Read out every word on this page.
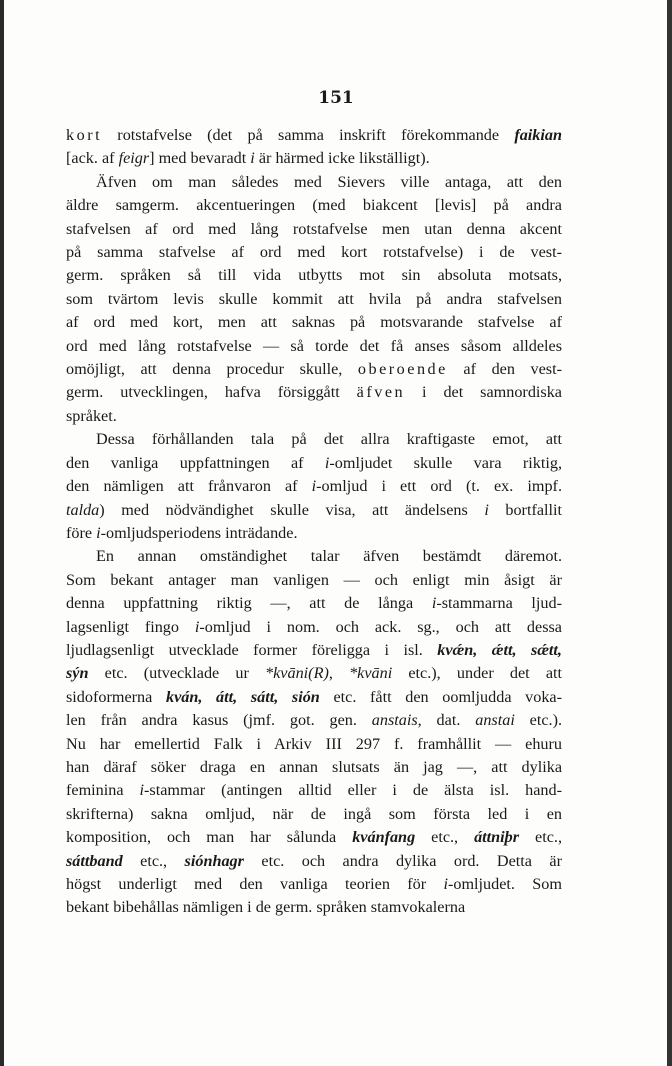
151
kort rotstafvelse (det på samma inskrift förekommande faikian
[ack. af feigr] med bevaradt i är härmed icke likställigt).
Äfven om man således med Sievers ville antaga, att den
äldre samgerm. akcentueringen (med biakcent [levis] på andra
stafvelsen af ord med lång rotstafvelse men utan denna akcent
på samma stafvelse af ord med kort rotstafvelse) i de vest-
germ. språken så till vida utbytts mot sin absoluta motsats,
som tvärtom levis skulle kommit att hvila på andra stafvelsen
af ord med kort, men att saknas på motsvarande stafvelse af
ord med lång rotstafvelse — så torde det få anses såsom alldeles
omöjligt, att denna procedur skulle, oberoende af den vest-
germ. utvecklingen, hafva försiggått äfven i det samnordiska
språket.
Dessa förhållanden tala på det allra kraftigaste emot, att
den vanliga uppfattningen af i-omljudet skulle vara riktig,
den nämligen att frånvaron af i-omljud i ett ord (t. ex. impf.
talda) med nödvändighet skulle visa, att ändelsens i bortfallit
före i-omljudsperiodens inträdande.
En annan omständighet talar äfven bestämdt däremot.
Som bekant antager man vanligen — och enligt min åsigt är
denna uppfattning riktig —, att de långa i-stammarna ljud-
lagsenligt fingo i-omljud i nom. och ack. sg., och att dessa
ljudlagsenligt utvecklade former föreligga i isl. kvǽn, ǽtt, sǽtt,
sýn etc. (utvecklade ur *kvāni(R), *kvāni etc.), under det att
sidoformerna kván, átt, sátt, sión etc. fått den oomljudda voka-
len från andra kasus (jmf. got. gen. anstais, dat. anstai etc.).
Nu har emellertid Falk i Arkiv III 297 f. framhållit — ehuru
han däraf söker draga en annan slutsats än jag —, att dylika
feminina i-stammar (antingen alltid eller i de älsta isl. hand-
skrifterna) sakna omljud, när de ingå som första led i en
komposition, och man har sålunda kvánfang etc., áttniþr etc.,
sáttband etc., siónhagr etc. och andra dylika ord. Detta är
högst underligt med den vanliga teorien för i-omljudet. Som
bekant bibehållas nämligen i de germ. språken stamvokalerna
